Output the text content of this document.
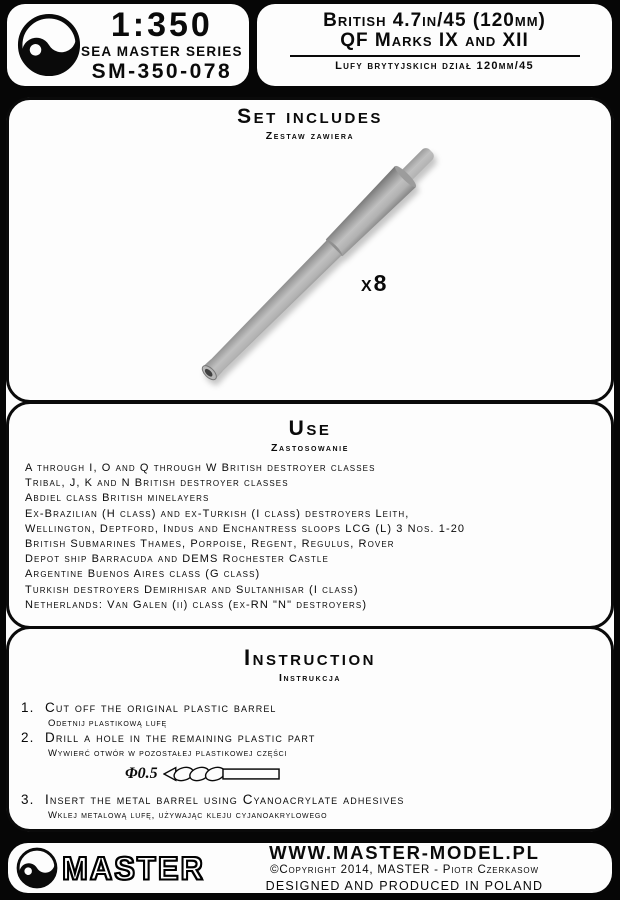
1:350
SEA MASTER SERIES
SM-350-078
British 4.7in/45 (120mm)
QF Marks IX and XII
Lufy brytyjskich dział 120mm/45
Set includes
Zestaw zawiera
x8
Use
Zastosowanie
A through I, O and Q through W British destroyer classes
Tribal, J, K and N British destroyer classes
Abdiel class British minelayers
Ex-Brazilian (H class) and ex-Turkish (I class) destroyers Leith,
Wellington, Deptford, Indus and Enchantress sloops LCG (L) 3 Nos. 1-20
British Submarines Thames, Porpoise, Regent, Regulus, Rover
Depot ship Barracuda and DEMS Rochester Castle
Argentine Buenos Aires class (G class)
Turkish destroyers Demirhisar and Sultanhisar (I class)
Netherlands: Van Galen (ii) class (ex-RN "N" destroyers)
Instruction
Instrukcja
1. Cut off the original plastic barrel
Odetnij plastikową lufę
2. Drill a hole in the remaining plastic part
Wywierć otwór w pozostałej plastikowej części
Φ0.5
3. Insert the metal barrel using Cyanoacrylate adhesives
Wklej metalową lufę, używając kleju cyjanoakrylowego
MASTER	WWW.MASTER-MODEL.PL
©Copyright 2014, MASTER - Piotr Czerkasow
DESIGNED AND PRODUCED IN POLAND
